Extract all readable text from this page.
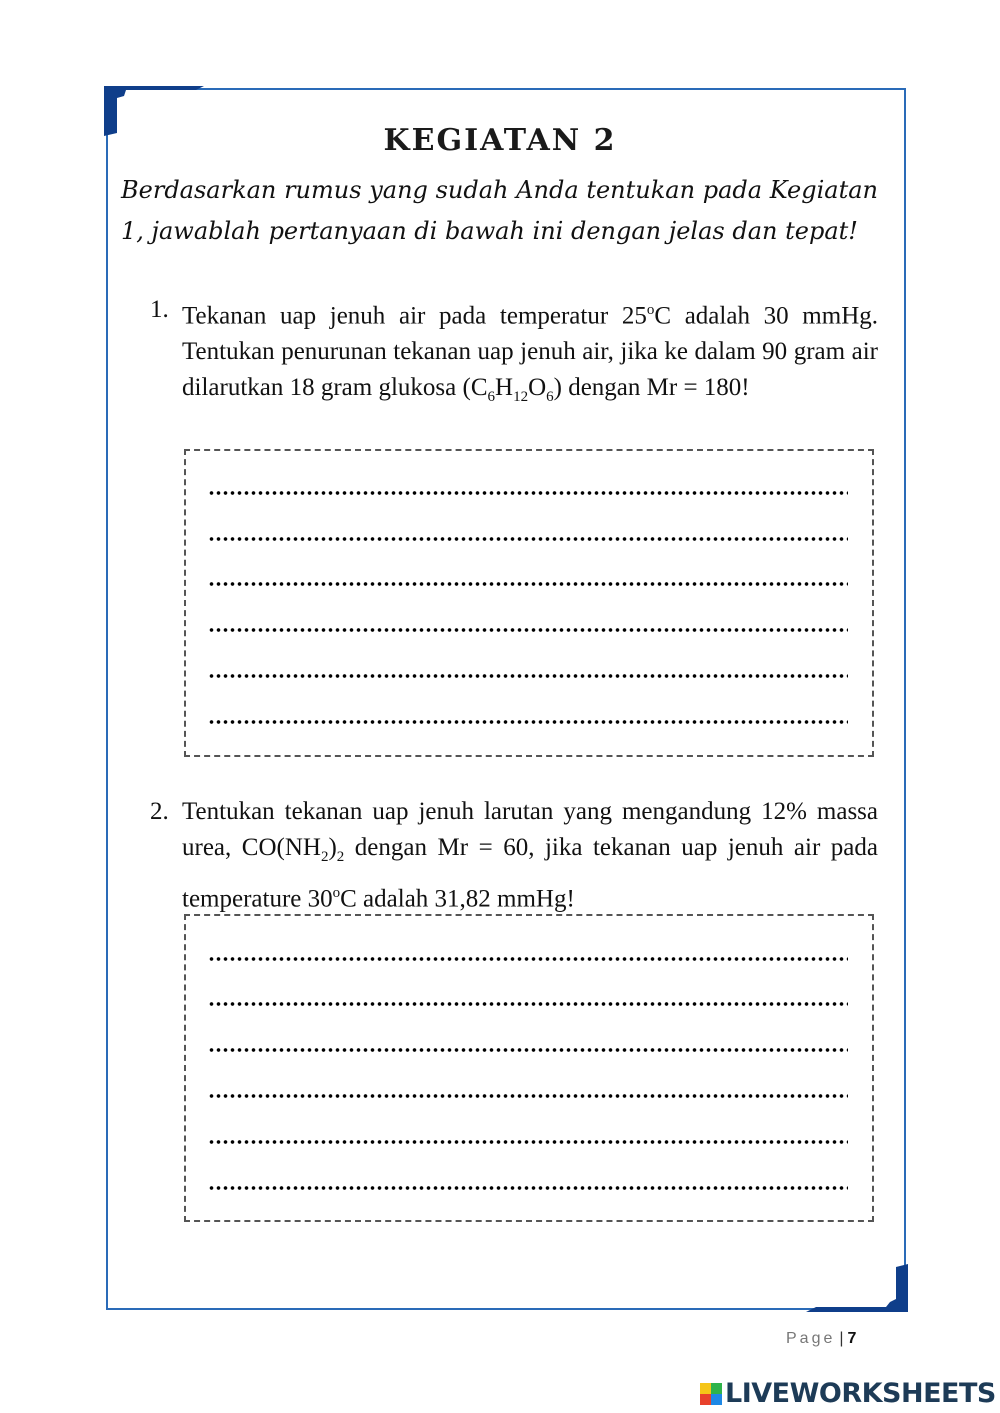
KEGIATAN 2
Berdasarkan rumus yang sudah Anda tentukan pada Kegiatan 1, jawablah pertanyaan di bawah ini dengan jelas dan tepat!
1. Tekanan uap jenuh air pada temperatur 25$^o$C adalah 30 mmHg. Tentukan penurunan tekanan uap jenuh air, jika ke dalam 90 gram air dilarutkan 18 gram glukosa $(C_6H_{12}O_6)$ dengan Mr = 180!
2. Tentukan tekanan uap jenuh larutan yang mengandung 12% massa urea, $CO(NH_2)_2$ dengan Mr = 60, jika tekanan uap jenuh air pada temperature 30$^o$C adalah 31,82 mmHg!
Page | 7
LIVEWORKSHEETS
